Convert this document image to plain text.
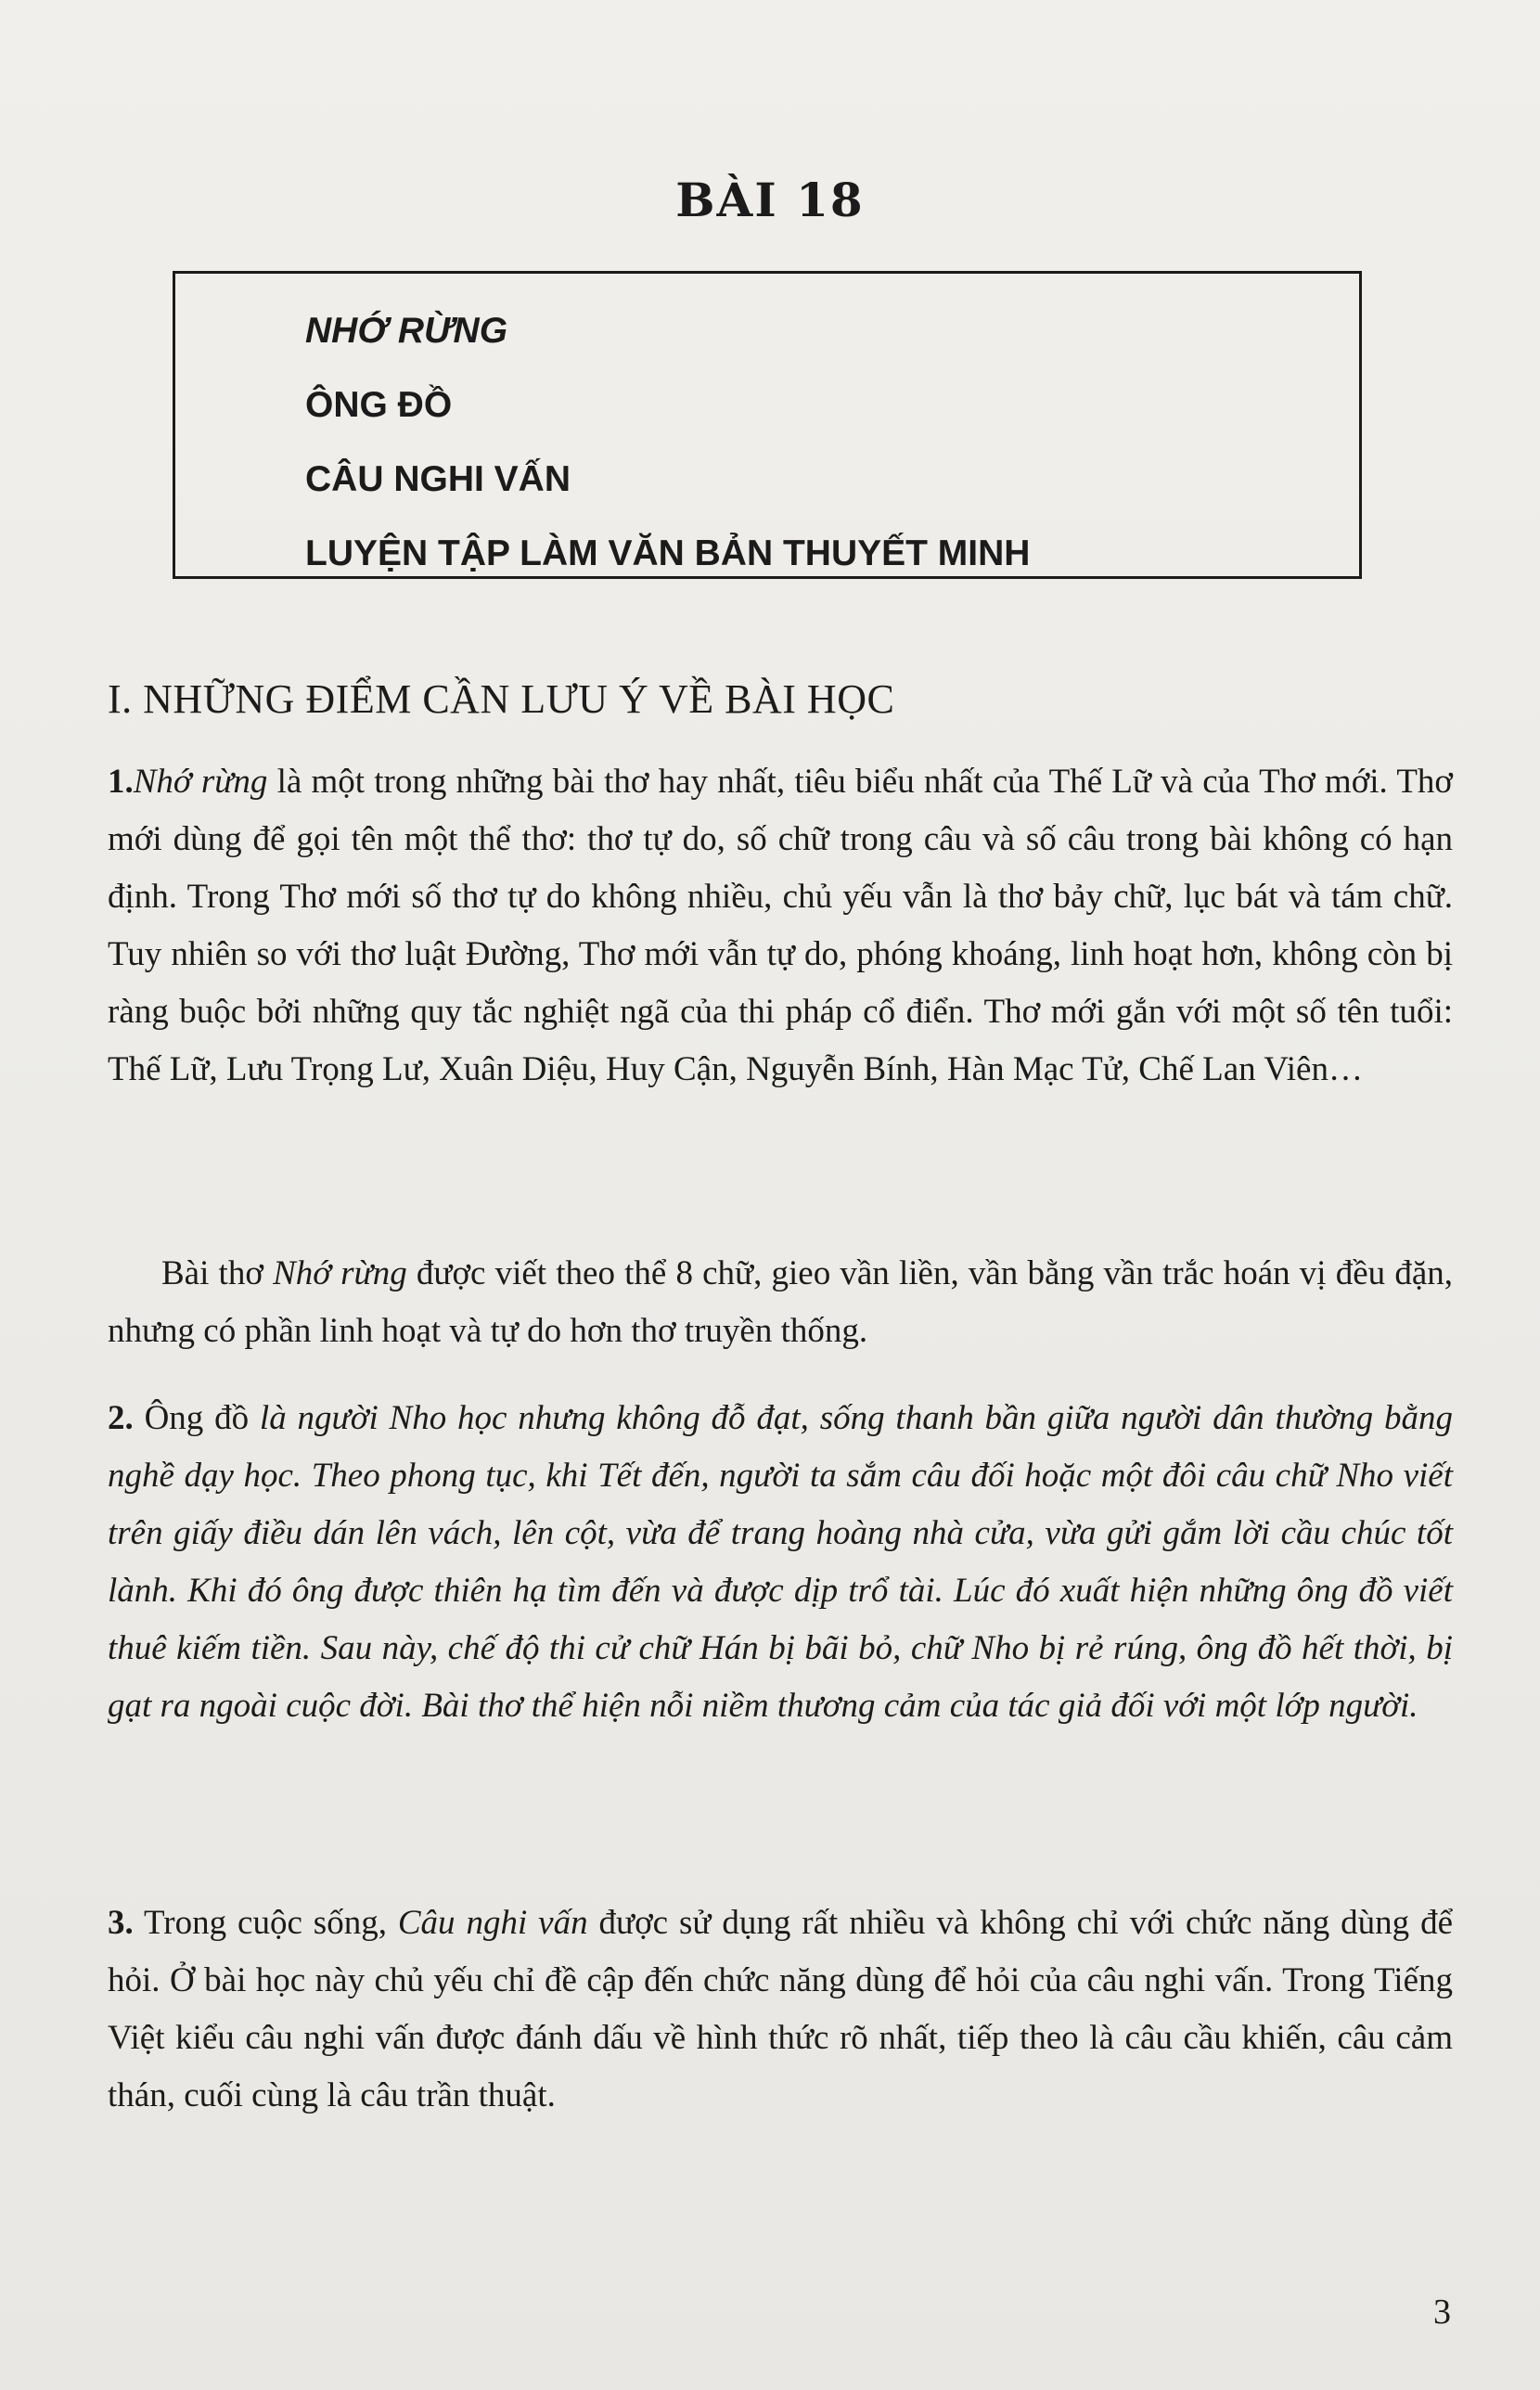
BÀI 18
NHỚ RỪNG
ÔNG ĐỒ
CÂU NGHI VẤN
LUYỆN TẬP LÀM VĂN BẢN THUYẾT MINH
I. NHỮNG ĐIỂM CẦN LƯU Ý VỀ BÀI HỌC

1.Nhớ rừng là một trong những bài thơ hay nhất, tiêu biểu nhất của Thế Lữ và của Thơ mới. Thơ mới dùng để gọi tên một thể thơ: thơ tự do, số chữ trong câu và số câu trong bài không có hạn định. Trong Thơ mới số thơ tự do không nhiều, chủ yếu vẫn là thơ bảy chữ, lục bát và tám chữ. Tuy nhiên so với thơ luật Đường, Thơ mới vẫn tự do, phóng khoáng, linh hoạt hơn, không còn bị ràng buộc bởi những quy tắc nghiệt ngã của thi pháp cổ điển. Thơ mới gắn với một số tên tuổi: Thế Lữ, Lưu Trọng Lư, Xuân Diệu, Huy Cận, Nguyễn Bính, Hàn Mạc Tử, Chế Lan Viên…

Bài thơ Nhớ rừng được viết theo thể 8 chữ, gieo vần liền, vần bằng vần trắc hoán vị đều đặn, nhưng có phần linh hoạt và tự do hơn thơ truyền thống.

2. Ông đồ là người Nho học nhưng không đỗ đạt, sống thanh bần giữa người dân thường bằng nghề dạy học. Theo phong tục, khi Tết đến, người ta sắm câu đối hoặc một đôi câu chữ Nho viết trên giấy điều dán lên vách, lên cột, vừa để trang hoàng nhà cửa, vừa gửi gắm lời cầu chúc tốt lành. Khi đó ông được thiên hạ tìm đến và được dịp trổ tài. Lúc đó xuất hiện những ông đồ viết thuê kiếm tiền. Sau này, chế độ thi cử chữ Hán bị bãi bỏ, chữ Nho bị rẻ rúng, ông đồ hết thời, bị gạt ra ngoài cuộc đời. Bài thơ thể hiện nỗi niềm thương cảm của tác giả đối với một lớp người.

3. Trong cuộc sống, Câu nghi vấn được sử dụng rất nhiều và không chỉ với chức năng dùng để hỏi. Ở bài học này chủ yếu chỉ đề cập đến chức năng dùng để hỏi của câu nghi vấn. Trong Tiếng Việt kiểu câu nghi vấn được đánh dấu về hình thức rõ nhất, tiếp theo là câu cầu khiến, câu cảm thán, cuối cùng là câu trần thuật.

3
